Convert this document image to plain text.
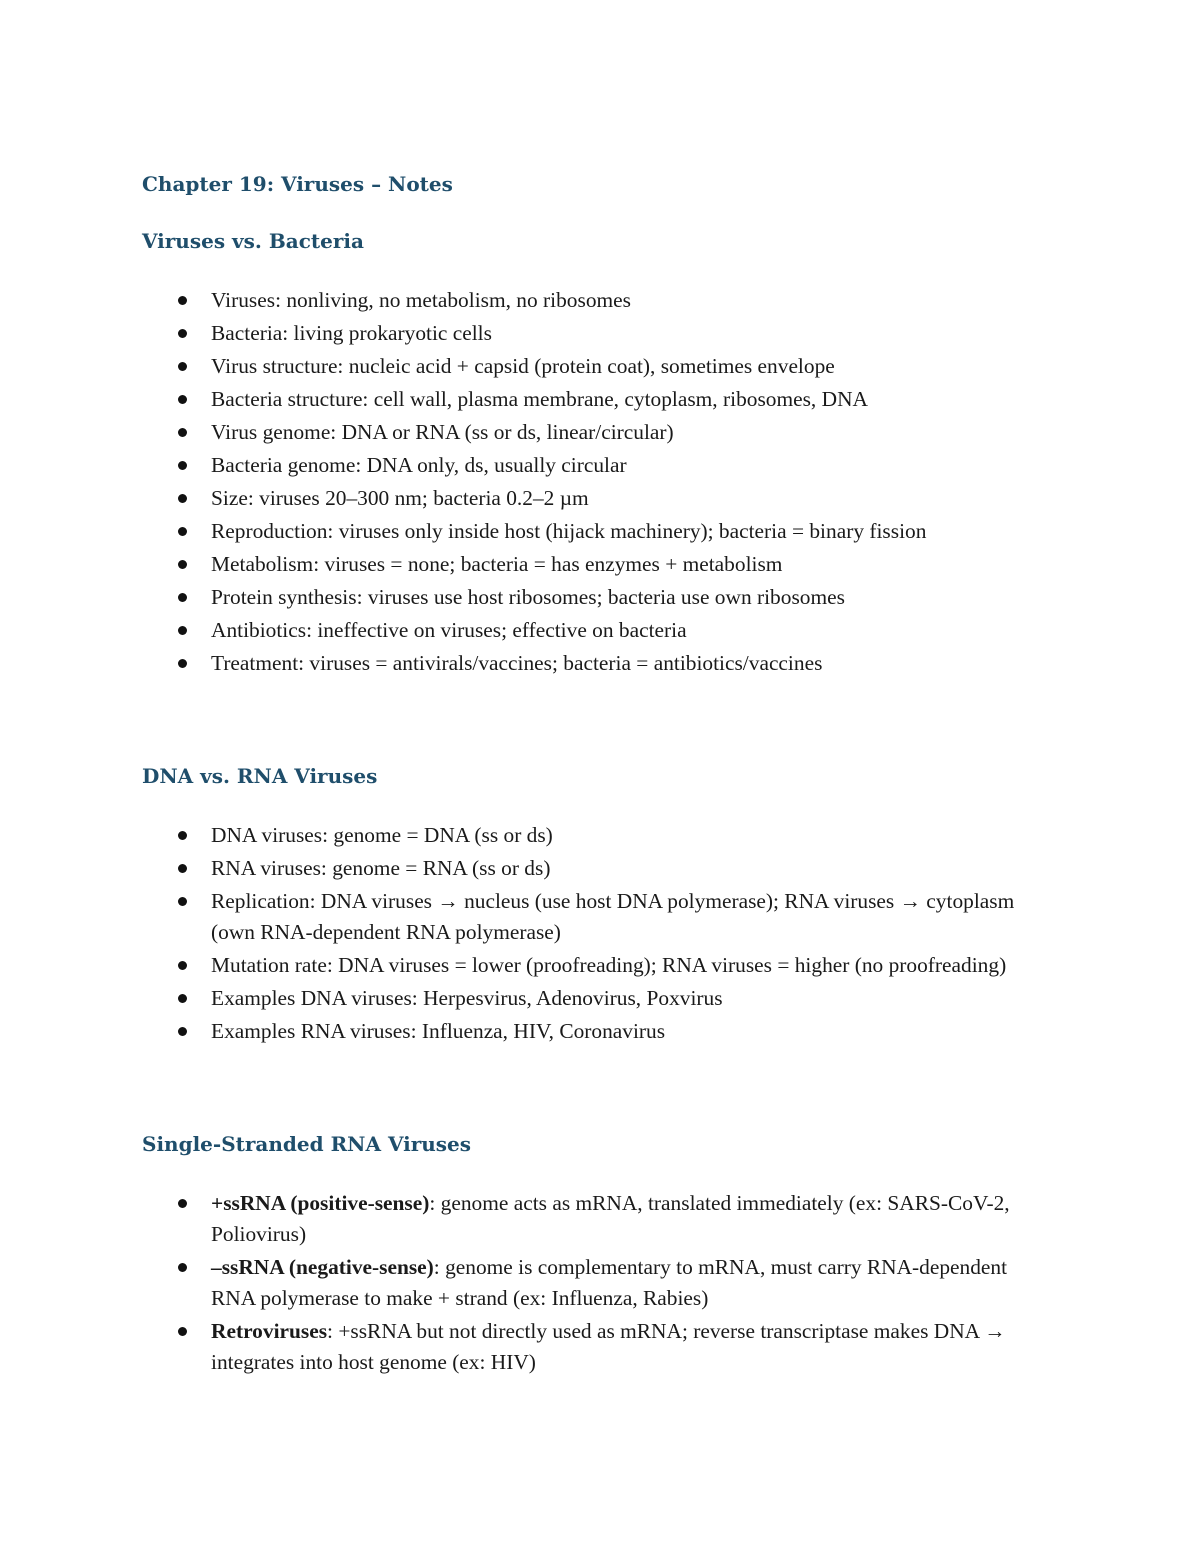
Chapter 19: Viruses – Notes
Viruses vs. Bacteria
Viruses: nonliving, no metabolism, no ribosomes
Bacteria: living prokaryotic cells
Virus structure: nucleic acid + capsid (protein coat), sometimes envelope
Bacteria structure: cell wall, plasma membrane, cytoplasm, ribosomes, DNA
Virus genome: DNA or RNA (ss or ds, linear/circular)
Bacteria genome: DNA only, ds, usually circular
Size: viruses 20–300 nm; bacteria 0.2–2 µm
Reproduction: viruses only inside host (hijack machinery); bacteria = binary fission
Metabolism: viruses = none; bacteria = has enzymes + metabolism
Protein synthesis: viruses use host ribosomes; bacteria use own ribosomes
Antibiotics: ineffective on viruses; effective on bacteria
Treatment: viruses = antivirals/vaccines; bacteria = antibiotics/vaccines
DNA vs. RNA Viruses
DNA viruses: genome = DNA (ss or ds)
RNA viruses: genome = RNA (ss or ds)
Replication: DNA viruses → nucleus (use host DNA polymerase); RNA viruses → cytoplasm (own RNA-dependent RNA polymerase)
Mutation rate: DNA viruses = lower (proofreading); RNA viruses = higher (no proofreading)
Examples DNA viruses: Herpesvirus, Adenovirus, Poxvirus
Examples RNA viruses: Influenza, HIV, Coronavirus
Single-Stranded RNA Viruses
+ssRNA (positive-sense): genome acts as mRNA, translated immediately (ex: SARS-CoV-2, Poliovirus)
–ssRNA (negative-sense): genome is complementary to mRNA, must carry RNA-dependent RNA polymerase to make + strand (ex: Influenza, Rabies)
Retroviruses: +ssRNA but not directly used as mRNA; reverse transcriptase makes DNA → integrates into host genome (ex: HIV)
